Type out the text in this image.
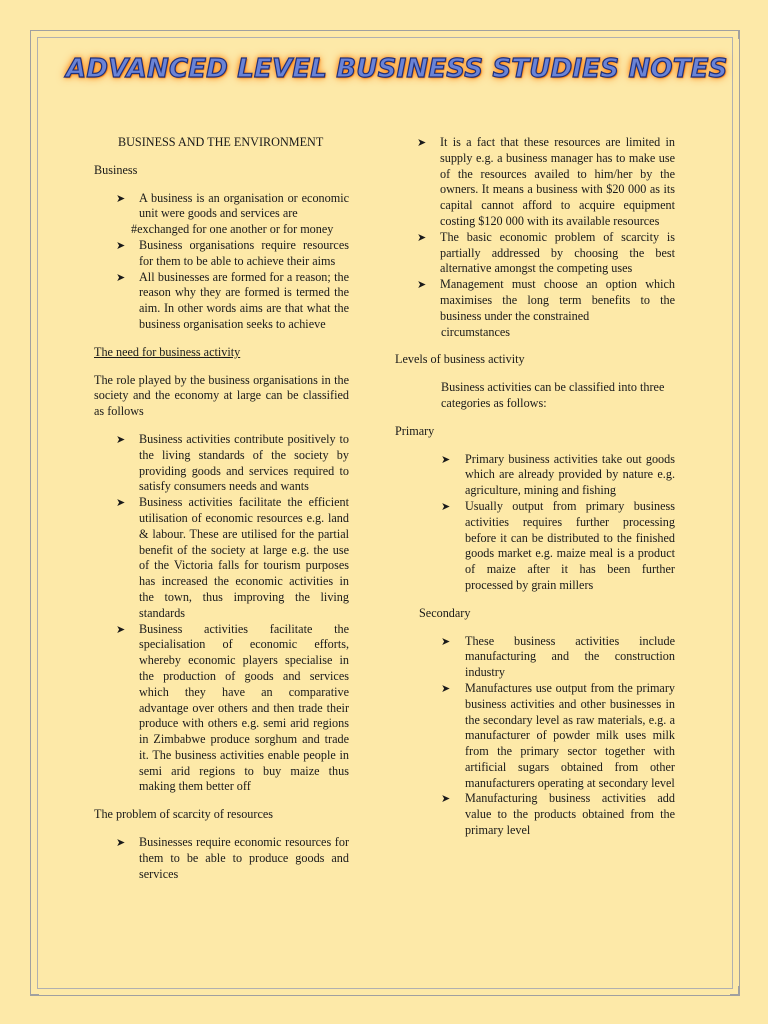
ADVANCED LEVEL BUSINESS STUDIES NOTES

BUSINESS AND THE ENVIRONMENT

Business

➤ A business is an organisation or economic unit were goods and services are

#exchanged for one another or for money

➤ Business organisations require resources for them to be able to achieve their aims
➤ All businesses are formed for a reason; the reason why they are formed is termed the aim. In other words aims are that what the business organisation seeks to achieve

The need for business activity

The role played by the business organisations in the society and the economy at large can be classified as follows

➤ Business activities contribute positively to the living standards of the society by providing goods and services required to satisfy consumers needs and wants
➤ Business activities facilitate the efficient utilisation of economic resources e.g. land & labour. These are utilised for the partial benefit of the society at large e.g. the use of the Victoria falls for tourism purposes has increased the economic activities in the town, thus improving the living standards
➤ Business activities facilitate the specialisation of economic efforts, whereby economic players specialise in the production of goods and services which they have an comparative advantage over others and then trade their produce with others e.g. semi arid regions in Zimbabwe produce sorghum and trade it. The business activities enable people in semi arid regions to buy maize thus making them better off

The problem of scarcity of resources

➤ Businesses require economic resources for them to be able to produce goods and services
➤ It is a fact that these resources are limited in supply e.g. a business manager has to make use of the resources availed to him/her by the owners. It means a business with $20 000 as its capital cannot afford to acquire equipment costing $120 000 with its available resources
➤ The basic economic problem of scarcity is partially addressed by choosing the best alternative amongst the competing uses
➤ Management must choose an option which maximises the long term benefits to the business under the constrained

circumstances

Levels of business activity

Business activities can be classified into three categories as follows:

Primary

➤ Primary business activities take out goods which are already provided by nature e.g. agriculture, mining and fishing
➤ Usually output from primary business activities requires further processing before it can be distributed to the finished goods market e.g. maize meal is a product of maize after it has been further processed by grain millers

Secondary

➤ These business activities include manufacturing and the construction industry
➤ Manufactures use output from the primary business activities and other businesses in the secondary level as raw materials, e.g. a manufacturer of powder milk uses milk from the primary sector together with artificial sugars obtained from other manufacturers operating at secondary level
➤ Manufacturing business activities add value to the products obtained from the primary level
